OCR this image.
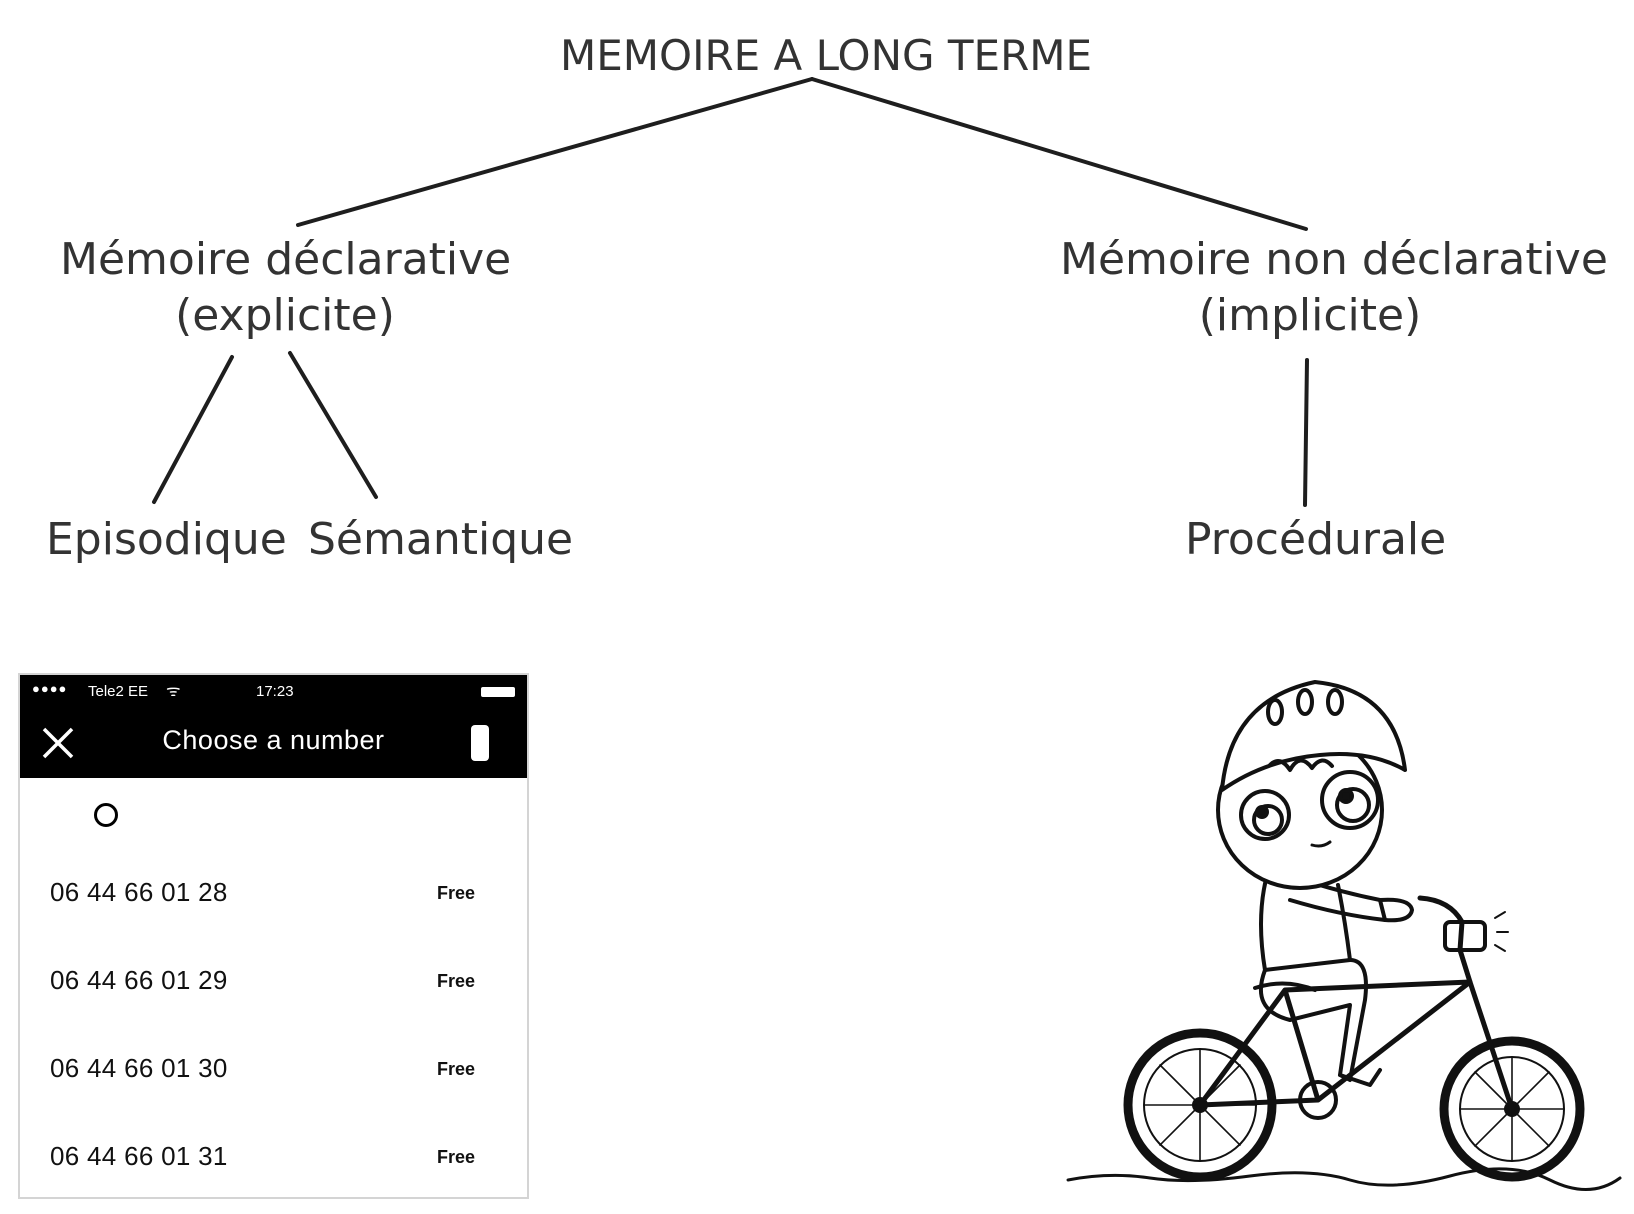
MEMOIRE A LONG TERME
Mémoire déclarative
(explicite)
Mémoire non déclarative
(implicite)
Episodique Sémantique	Procédurale
●●●● Tele2 EE ᯤ	17:23
Choose a number
06 44 66 01 28	Free
06 44 66 01 29	Free
06 44 66 01 30	Free
06 44 66 01 31	Free
